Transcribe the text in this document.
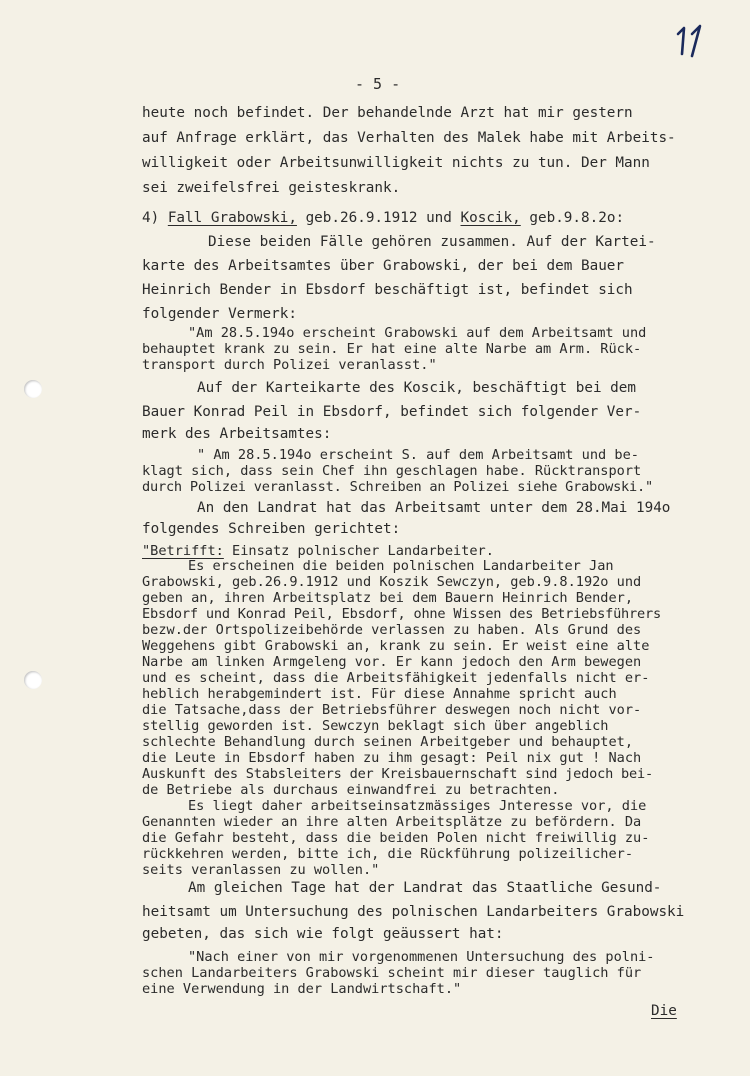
- 5 -
heute noch befindet. Der behandelnde Arzt hat mir gestern
auf Anfrage erklärt, das Verhalten des Malek habe mit Arbeits-
willigkeit oder Arbeitsunwilligkeit nichts zu tun. Der Mann
sei zweifelsfrei geisteskrank.
4) Fall Grabowski, geb.26.9.1912 und Koscik, geb.9.8.2o:
Diese beiden Fälle gehören zusammen. Auf der Kartei-
karte des Arbeitsamtes über Grabowski, der bei dem Bauer
Heinrich Bender in Ebsdorf beschäftigt ist, befindet sich
folgender Vermerk:
"Am 28.5.194o erscheint Grabowski auf dem Arbeitsamt und
behauptet krank zu sein. Er hat eine alte Narbe am Arm. Rück-
transport durch Polizei veranlasst."
Auf der Karteikarte des Koscik, beschäftigt bei dem
Bauer Konrad Peil in Ebsdorf, befindet sich folgender Ver-
merk des Arbeitsamtes:
" Am 28.5.194o erscheint S. auf dem Arbeitsamt und be-
klagt sich, dass sein Chef ihn geschlagen habe. Rücktransport
durch Polizei veranlasst. Schreiben an Polizei siehe Grabowski."
An den Landrat hat das Arbeitsamt unter dem 28.Mai 194o
folgendes Schreiben gerichtet:
"Betrifft: Einsatz polnischer Landarbeiter.
Es erscheinen die beiden polnischen Landarbeiter Jan
Grabowski, geb.26.9.1912 und Koszik Sewczyn, geb.9.8.192o und
geben an, ihren Arbeitsplatz bei dem Bauern Heinrich Bender,
Ebsdorf und Konrad Peil, Ebsdorf, ohne Wissen des Betriebsführers
bezw.der Ortspolizeibehörde verlassen zu haben. Als Grund des
Weggehens gibt Grabowski an, krank zu sein. Er weist eine alte
Narbe am linken Armgeleng vor. Er kann jedoch den Arm bewegen
und es scheint, dass die Arbeitsfähigkeit jedenfalls nicht er-
heblich herabgemindert ist. Für diese Annahme spricht auch
die Tatsache,dass der Betriebsführer deswegen noch nicht vor-
stellig geworden ist. Sewczyn beklagt sich über angeblich
schlechte Behandlung durch seinen Arbeitgeber und behauptet,
die Leute in Ebsdorf haben zu ihm gesagt: Peil nix gut ! Nach
Auskunft des Stabsleiters der Kreisbauernschaft sind jedoch bei-
de Betriebe als durchaus einwandfrei zu betrachten.
Es liegt daher arbeitseinsatzmässiges Jnteresse vor, die
Genannten wieder an ihre alten Arbeitsplätze zu befördern. Da
die Gefahr besteht, dass die beiden Polen nicht freiwillig zu-
rückkehren werden, bitte ich, die Rückführung polizeilicher-
seits veranlassen zu wollen."
Am gleichen Tage hat der Landrat das Staatliche Gesund-
heitsamt um Untersuchung des polnischen Landarbeiters Grabowski
gebeten, das sich wie folgt geäussert hat:
"Nach einer von mir vorgenommenen Untersuchung des polni-
schen Landarbeiters Grabowski scheint mir dieser tauglich für
eine Verwendung in der Landwirtschaft."
Die
